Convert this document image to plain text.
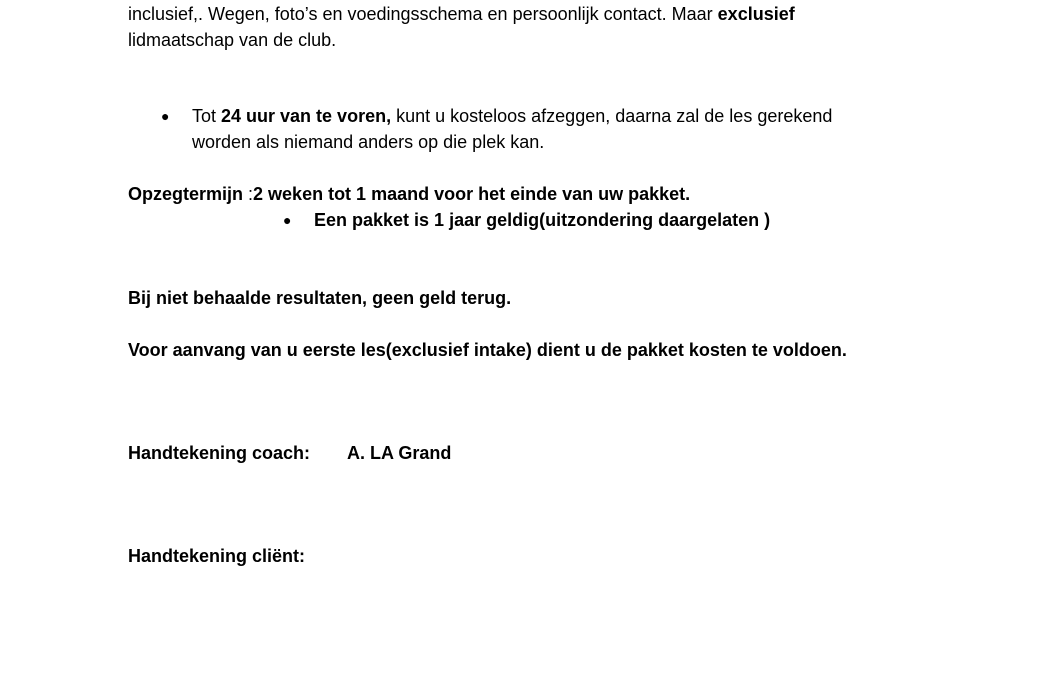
inclusief,. Wegen, foto’s en voedingsschema en persoonlijk contact. Maar exclusief
lidmaatschap van de club.
● Tot 24 uur van te voren, kunt u kosteloos afzeggen, daarna zal de les gerekend
worden als niemand anders op die plek kan.
Opzegtermijn :2 weken tot 1 maand voor het einde van uw pakket.
● Een pakket is 1 jaar geldig(uitzondering daargelaten )
Bij niet behaalde resultaten, geen geld terug.
Voor aanvang van u eerste les(exclusief intake) dient u de pakket kosten te voldoen.
Handtekening coach: A. LA Grand
Handtekening cliënt:
